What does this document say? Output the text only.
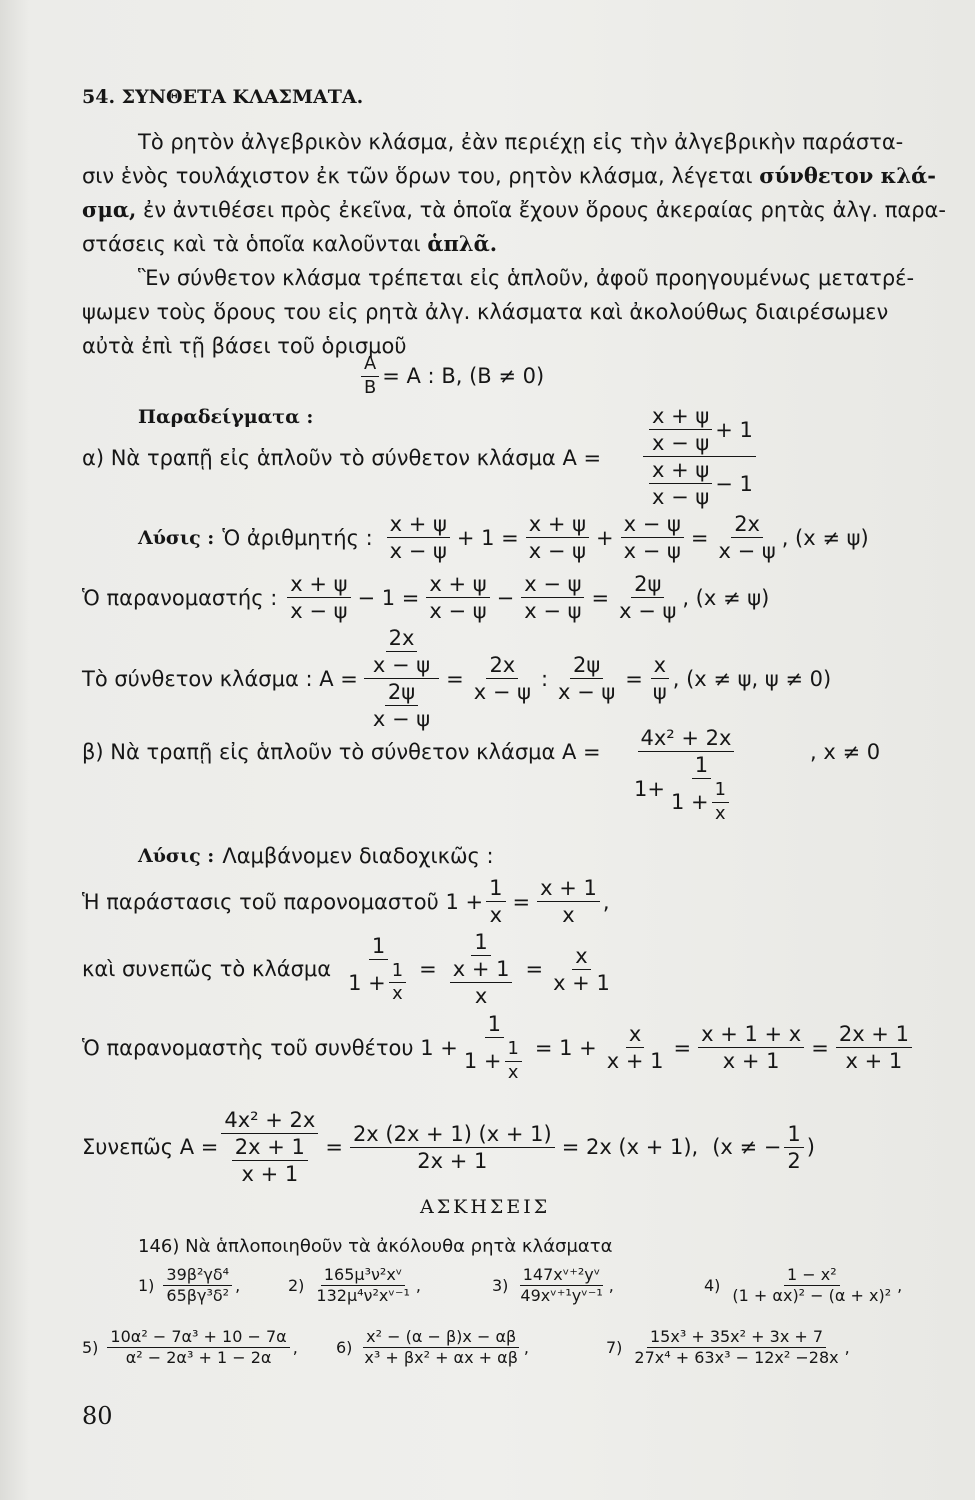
54. ΣΥΝΘΕΤΑ ΚΛΑΣΜΑΤΑ.
Τὸ ρητὸν ἀλγεβρικὸν κλάσμα, ἐὰν περιέχῃ εἰς τὴν ἀλγεβρικὴν παράστα-
σιν ἑνὸς τουλάχιστον ἐκ τῶν ὅρων του, ρητὸν κλάσμα, λέγεται σύνθετον κλά-
σμα, ἐν ἀντιθέσει πρὸς ἐκεῖνα, τὰ ὁποῖα ἔχουν ὅρους ἀκεραίας ρητὰς ἀλγ. παρα-
στάσεις καὶ τὰ ὁποῖα καλοῦνται ἁπλᾶ.
Ἓν σύνθετον κλάσμα τρέπεται εἰς ἁπλοῦν, ἀφοῦ προηγουμένως μετατρέ-
ψωμεν τοὺς ὅρους του εἰς ρητὰ ἀλγ. κλάσματα καὶ ἀκολούθως διαιρέσωμεν
αὐτὰ ἐπὶ τῇ βάσει τοῦ ὁρισμοῦ
$\frac{A}{B} = A$ : B, (B ≠ 0)
Παραδείγματα :
α) Νὰ τραπῇ εἰς ἁπλοῦν τὸ σύνθετον κλάσμα $A = \frac{\frac{x + \psi}{x - \psi} + 1}{\frac{x + \psi}{x - \psi} - 1}$
Λύσις : Ὁ ἀριθμητής : $\frac{x + \psi}{x - \psi} + 1 = \frac{x + \psi}{x - \psi} + \frac{x - \psi}{x - \psi} = \frac{2x}{x - \psi}$ , (x ≠ ψ)
Ὁ παρανομαστής : $\frac{x + \psi}{x - \psi} - 1 = \frac{x + \psi}{x - \psi} - \frac{x - \psi}{x - \psi} = \frac{2\psi}{x - \psi}$ , (x ≠ ψ)
Τὸ σύνθετον κλάσμα : $A = \frac{\frac{2x}{x - \psi}}{\frac{2\psi}{x - \psi}} = \frac{2x}{x - \psi}$ : $\frac{2\psi}{x - \psi} = \frac{x}{\psi}$ , (x ≠ ψ, ψ ≠ 0)
β) Νὰ τραπῇ εἰς ἁπλοῦν τὸ σύνθετον κλάσμα A =
4x² + 2x
$1+ \frac{1}{1 + \frac{1}{x}}$
, x ≠ 0
Λύσις : Λαμβάνομεν διαδοχικῶς :
Ἡ παράστασις τοῦ παρονομαστοῦ $1 + \frac{1}{x} = \frac{x + 1}{x}$ ,
καὶ συνεπῶς τὸ κλάσμα $\frac{1}{1 + \frac{1}{x}} = \frac{1}{\frac{x + 1}{x}} = \frac{x}{x + 1}$
Ὁ παρανομαστὴς τοῦ συνθέτου $1 + \frac{1}{1 + \frac{1}{x}} = 1 + \frac{x}{x + 1} = \frac{x + 1 + x}{x + 1} = \frac{2x + 1}{x + 1}$
Συνεπῶς $A = \frac{\text{4x² + 2x}}{\frac{2x + 1}{x + 1}} = \frac{2x (2x + 1) (x + 1)}{2x + 1} = 2x$ (x + 1), (x ≠ − $\frac{1}{2}$ )
ΑΣΚΗΣΕΙΣ
146) Νὰ ἁπλοποιηθοῦν τὰ ἀκόλουθα ρητὰ κλάσματα
$1) \frac{\text{39β²γδ⁴}}{\text{65βγ³δ²}}$ ,	$2) \frac{\text{165μ³ν²xᵛ}}{\text{132μ⁴ν²xᵛ⁻¹}}$ ,	$3) \frac{\text{147xᵛ⁺²yᵛ}}{\text{49xᵛ⁺¹yᵛ⁻¹}}$ ,	$4) \frac{\text{1 − x²}}{\text{(1 + αx)² − (α + x)²}}$ ,
$5) \frac{\text{10α² − 7α³ + 10 − 7α}}{\text{α² − 2α³ + 1 − 2α}}$ , $6) \frac{\text{x² − (α − β)x − αβ}}{\text{x³ + βx² + αx + αβ}}$ ,	$7) \frac{\text{15x³ + 35x² + 3x + 7}}{\text{27x⁴ + 63x³ − 12x² −28x}}$ ,
80
